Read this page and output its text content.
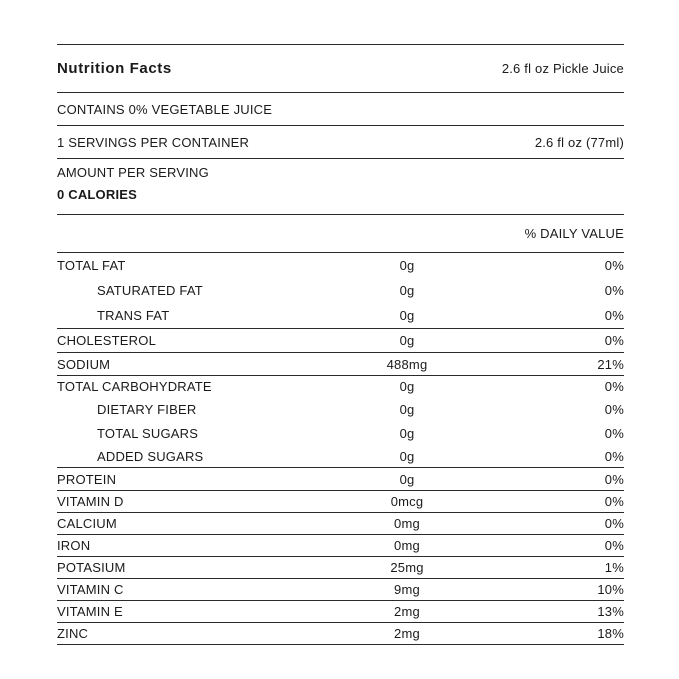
Nutrition Facts	2.6 fl oz Pickle Juice
CONTAINS 0% VEGETABLE JUICE
1 SERVINGS PER CONTAINER	2.6 fl oz (77ml)
AMOUNT PER SERVING
0 CALORIES
% DAILY VALUE
TOTAL FAT	0g	0%
SATURATED FAT	0g	0%
TRANS FAT	0g	0%
CHOLESTEROL	0g	0%
SODIUM	488mg	21%
TOTAL CARBOHYDRATE	0g	0%
DIETARY FIBER	0g	0%
TOTAL SUGARS	0g	0%
ADDED SUGARS	0g	0%
PROTEIN	0g	0%
VITAMIN D	0mcg	0%
CALCIUM	0mg	0%
IRON	0mg	0%
POTASIUM	25mg	1%
VITAMIN C	9mg	10%
VITAMIN E	2mg	13%
ZINC	2mg	18%
